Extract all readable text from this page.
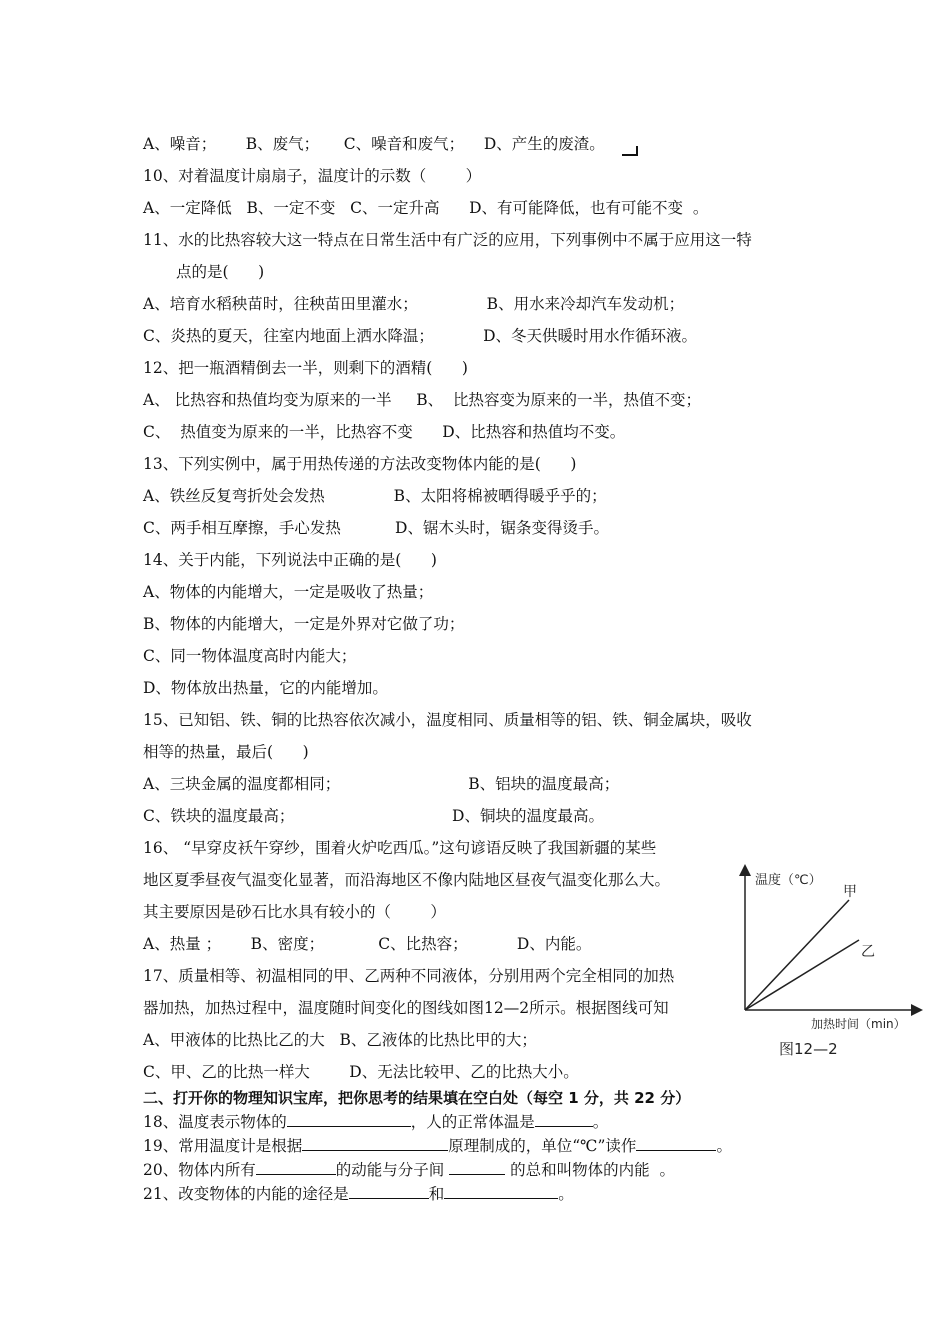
A、噪音；      B、废气；     C、噪音和废气；    D、产生的废渣。
10、对着温度计扇扇子，温度计的示数（        ）
A、一定降低   B、一定不变   C、一定升高      D、有可能降低，也有可能不变  。
11、水的比热容较大这一特点在日常生活中有广泛的应用，下列事例中不属于应用这一特
点的是(      )
A、培育水稻秧苗时，往秧苗田里灌水；              B、用水来冷却汽车发动机；
C、炎热的夏天，往室内地面上洒水降温；          D、冬天供暖时用水作循环液。
12、把一瓶酒精倒去一半，则剩下的酒精(      )
A、 比热容和热值均变为原来的一半     B、  比热容变为原来的一半，热值不变；
C、  热值变为原来的一半，比热容不变      D、比热容和热值均不变。
13、下列实例中，属于用热传递的方法改变物体内能的是(      )
A、铁丝反复弯折处会发热              B、太阳将棉被晒得暖乎乎的；
C、两手相互摩擦，手心发热           D、锯木头时，锯条变得烫手。
14、关于内能，下列说法中正确的是(      )
A、物体的内能增大，一定是吸收了热量；
B、物体的内能增大，一定是外界对它做了功；
C、同一物体温度高时内能大；
D、物体放出热量，它的内能增加。
15、已知铝、铁、铜的比热容依次减小，温度相同、质量相等的铝、铁、铜金属块，吸收
相等的热量，最后(      )
A、三块金属的温度都相同；                          B、铝块的温度最高；
C、铁块的温度最高；                                D、铜块的温度最高。
16、 “早穿皮袄午穿纱，围着火炉吃西瓜。”这句谚语反映了我国新疆的某些
地区夏季昼夜气温变化显著，而沿海地区不像内陆地区昼夜气温变化那么大。
其主要原因是砂石比水具有较小的（        ）
A、热量 ；      B、密度；           C、比热容；          D、内能。
17、质量相等、初温相同的甲、乙两种不同液体，分别用两个完全相同的加热
器加热，加热过程中，温度随时间变化的图线如图12—2所示。根据图线可知
A、甲液体的比热比乙的大   B、乙液体的比热比甲的大；
C、甲、乙的比热一样大        D、无法比较甲、乙的比热大小。
二、打开你的物理知识宝库，把你思考的结果填在空白处（每空 1 分，共 22 分）
18、温度表示物体的	，人的正常体温是	。
19、常用温度计是根据	原理制成的，单位“℃”读作	。
20、物体内所有	的动能与分子间	的总和叫物体的内能  。
21、改变物体的内能的途径是	和	。
温度（℃）
甲
乙
加热时间（min）
图12—2
